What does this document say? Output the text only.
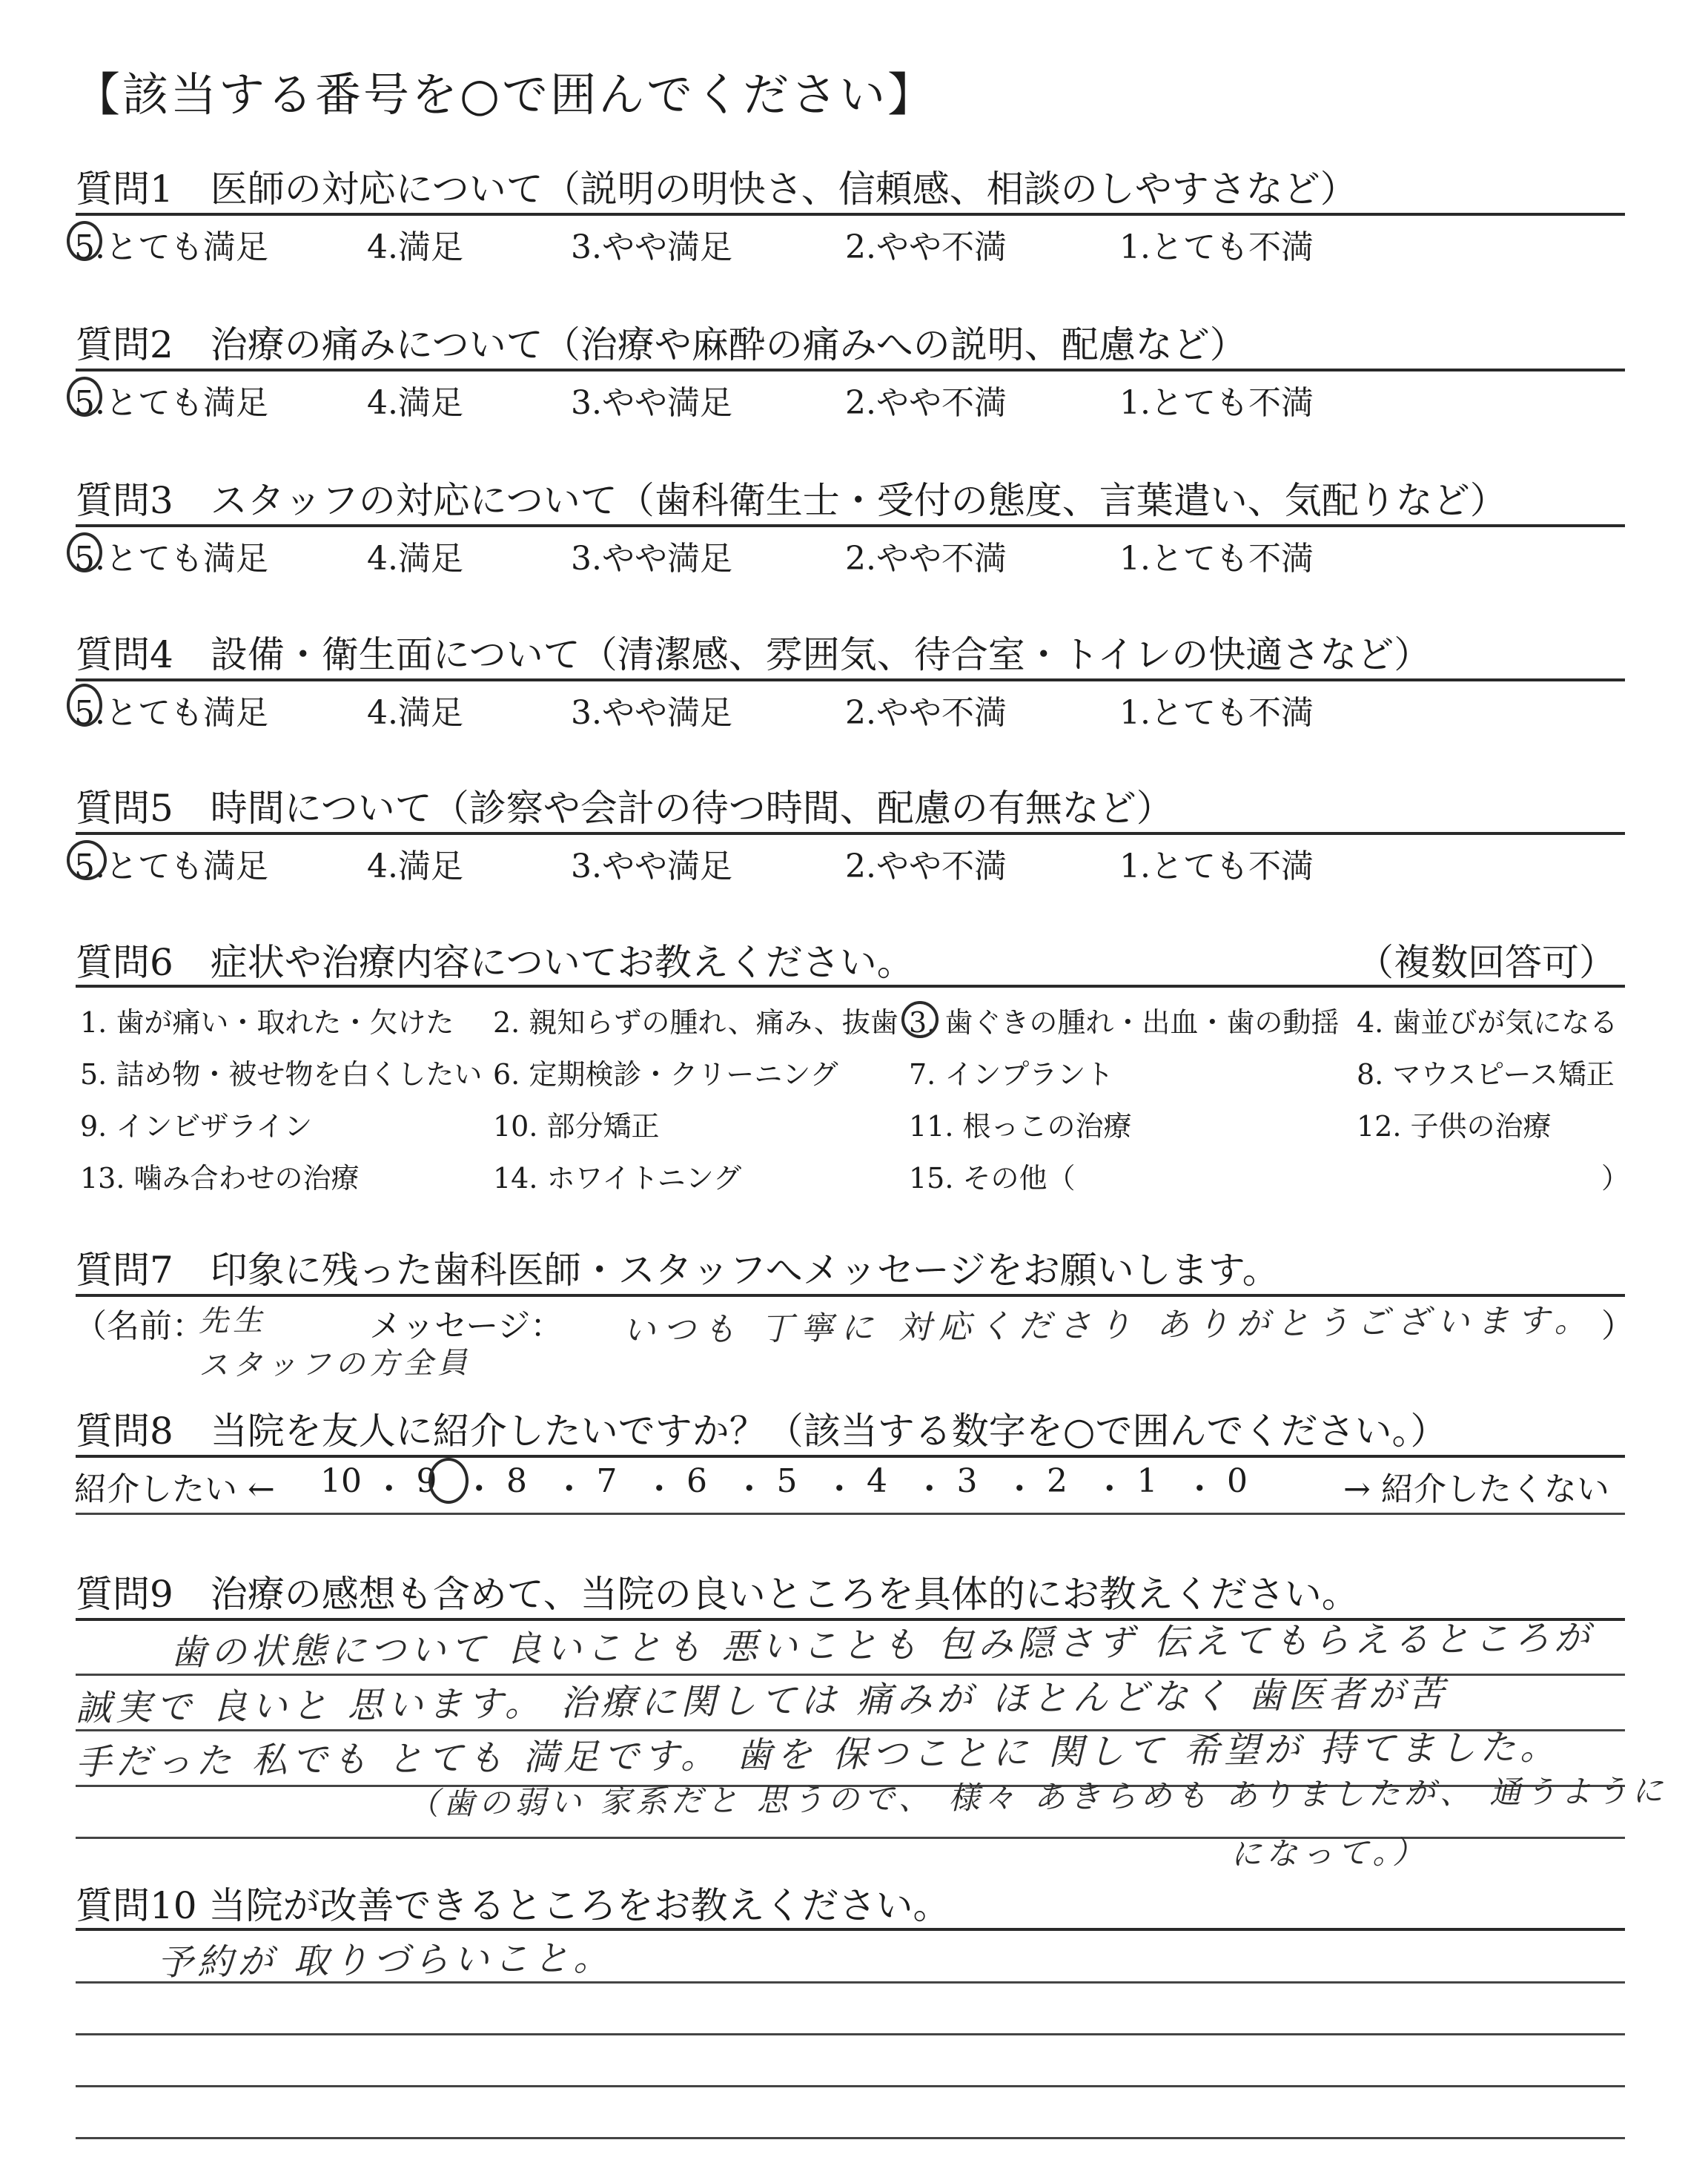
【該当する番号を○で囲んでください】
質問1　医師の対応について（説明の明快さ、信頼感、相談のしやすさなど）
5.とても満足	4.満足	3.やや満足	2.やや不満	1.とても不満
質問2　治療の痛みについて（治療や麻酔の痛みへの説明、配慮など）
5.とても満足	4.満足	3.やや満足	2.やや不満	1.とても不満
質問3　スタッフの対応について（歯科衛生士・受付の態度、言葉遣い、気配りなど）
5.とても満足	4.満足	3.やや満足	2.やや不満	1.とても不満
質問4　設備・衛生面について（清潔感、雰囲気、待合室・トイレの快適さなど）
5.とても満足	4.満足	3.やや満足	2.やや不満	1.とても不満
質問5　時間について（診察や会計の待つ時間、配慮の有無など）
5.とても満足	4.満足	3.やや満足	2.やや不満	1.とても不満
質問6　症状や治療内容についてお教えください。	（複数回答可）
1. 歯が痛い・取れた・欠けた 2. 親知らずの腫れ、痛み、抜歯 3. 歯ぐきの腫れ・出血・歯の動揺 4. 歯並びが気になる
5. 詰め物・被せ物を白くしたい 6. 定期検診・クリーニング	7. インプラント	8. マウスピース矯正
9. インビザライン	10. 部分矯正	11. 根っこの治療	12. 子供の治療
13. 噛み合わせの治療	14. ホワイトニング	15. その他（	）
質問7　印象に残った歯科医師・スタッフへメッセージをお願いします。
（名前：
先生	メッセージ： いつも 丁寧に 対応くださり ありがとうございます。 ）
スタッフの方全員
質問8　当院を友人に紹介したいですか？（該当する数字を○で囲んでください。）
紹介したい ← 10 ・ 9 ・ 8 ・ 7 ・ 6 ・ 5 ・ 4 ・ 3 ・ 2 ・ 1 ・ 0	→ 紹介したくない
質問9　治療の感想も含めて、当院の良いところを具体的にお教えください。
歯の状態について 良いことも 悪いことも 包み隠さず 伝えてもらえるところが
誠実で 良いと 思います。 治療に関しては 痛みが ほとんどなく 歯医者が苦
手だった 私でも とても 満足です。 歯を 保つことに 関して 希望が 持てました。
（歯の弱い 家系だと 思うので、 様々 あきらめも ありましたが、 通うように
になって。）
質問10 当院が改善できるところをお教えください。
予約が 取りづらいこと。
